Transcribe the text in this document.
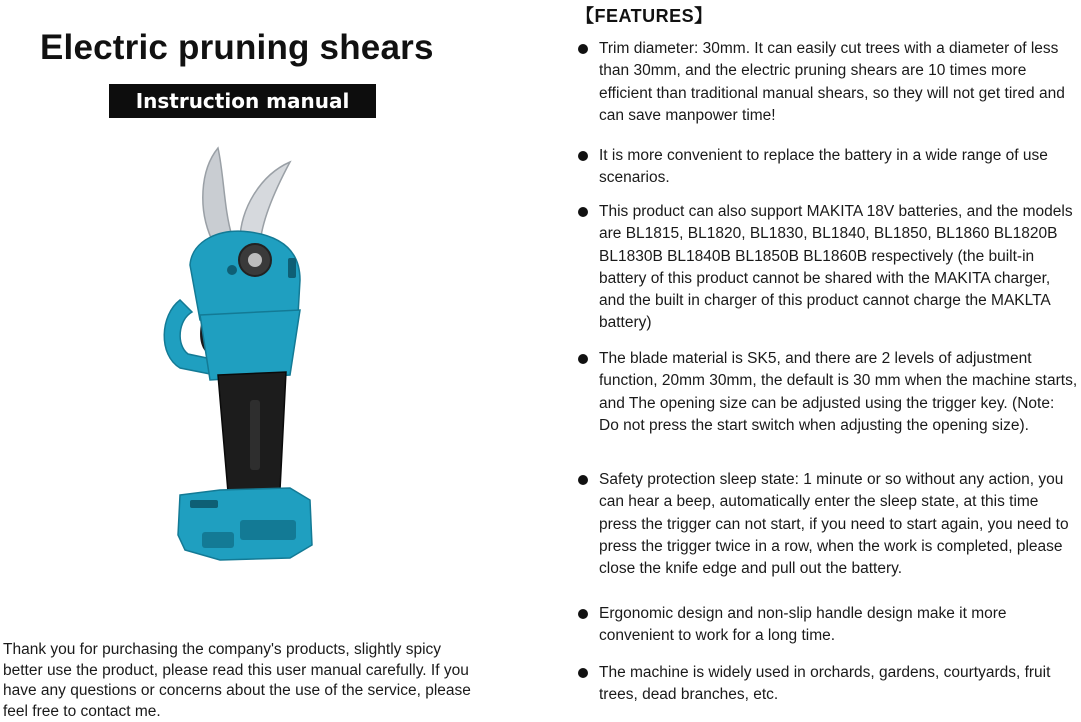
Electric pruning shears
Instruction manual
Thank you for purchasing the company's products, slightly spicy better use the product, please read this user manual carefully. If you have any questions or concerns about the use of the service, please feel free to contact me.
【FEATURES】
Trim diameter: 30mm. It can easily cut trees with a diameter of less than 30mm, and the electric pruning shears are 10 times more efficient than traditional manual shears, so they will not get tired and can save manpower time!
It is more convenient to replace the battery in a wide range of use scenarios.
This product can also support MAKITA 18V batteries, and the models are BL1815, BL1820, BL1830, BL1840, BL1850, BL1860 BL1820B BL1830B BL1840B BL1850B BL1860B respectively (the built-in battery of this product cannot be shared with the MAKITA charger, and the built in charger of this product cannot charge the MAKLTA battery)
The blade material is SK5, and there are 2 levels of adjustment function, 20mm 30mm, the default is 30 mm when the machine starts, and The opening size can be adjusted using the trigger key. (Note: Do not press the start switch when adjusting the opening size).
Safety protection sleep state: 1 minute or so without any action, you can hear a beep, automatically enter the sleep state, at this time press the trigger can not start, if you need to start again, you need to press the trigger twice in a row, when the work is completed, please close the knife edge and pull out the battery.
Ergonomic design and non-slip handle design make it more convenient to work for a long time.
The machine is widely used in orchards, gardens, courtyards, fruit trees, dead branches, etc.
